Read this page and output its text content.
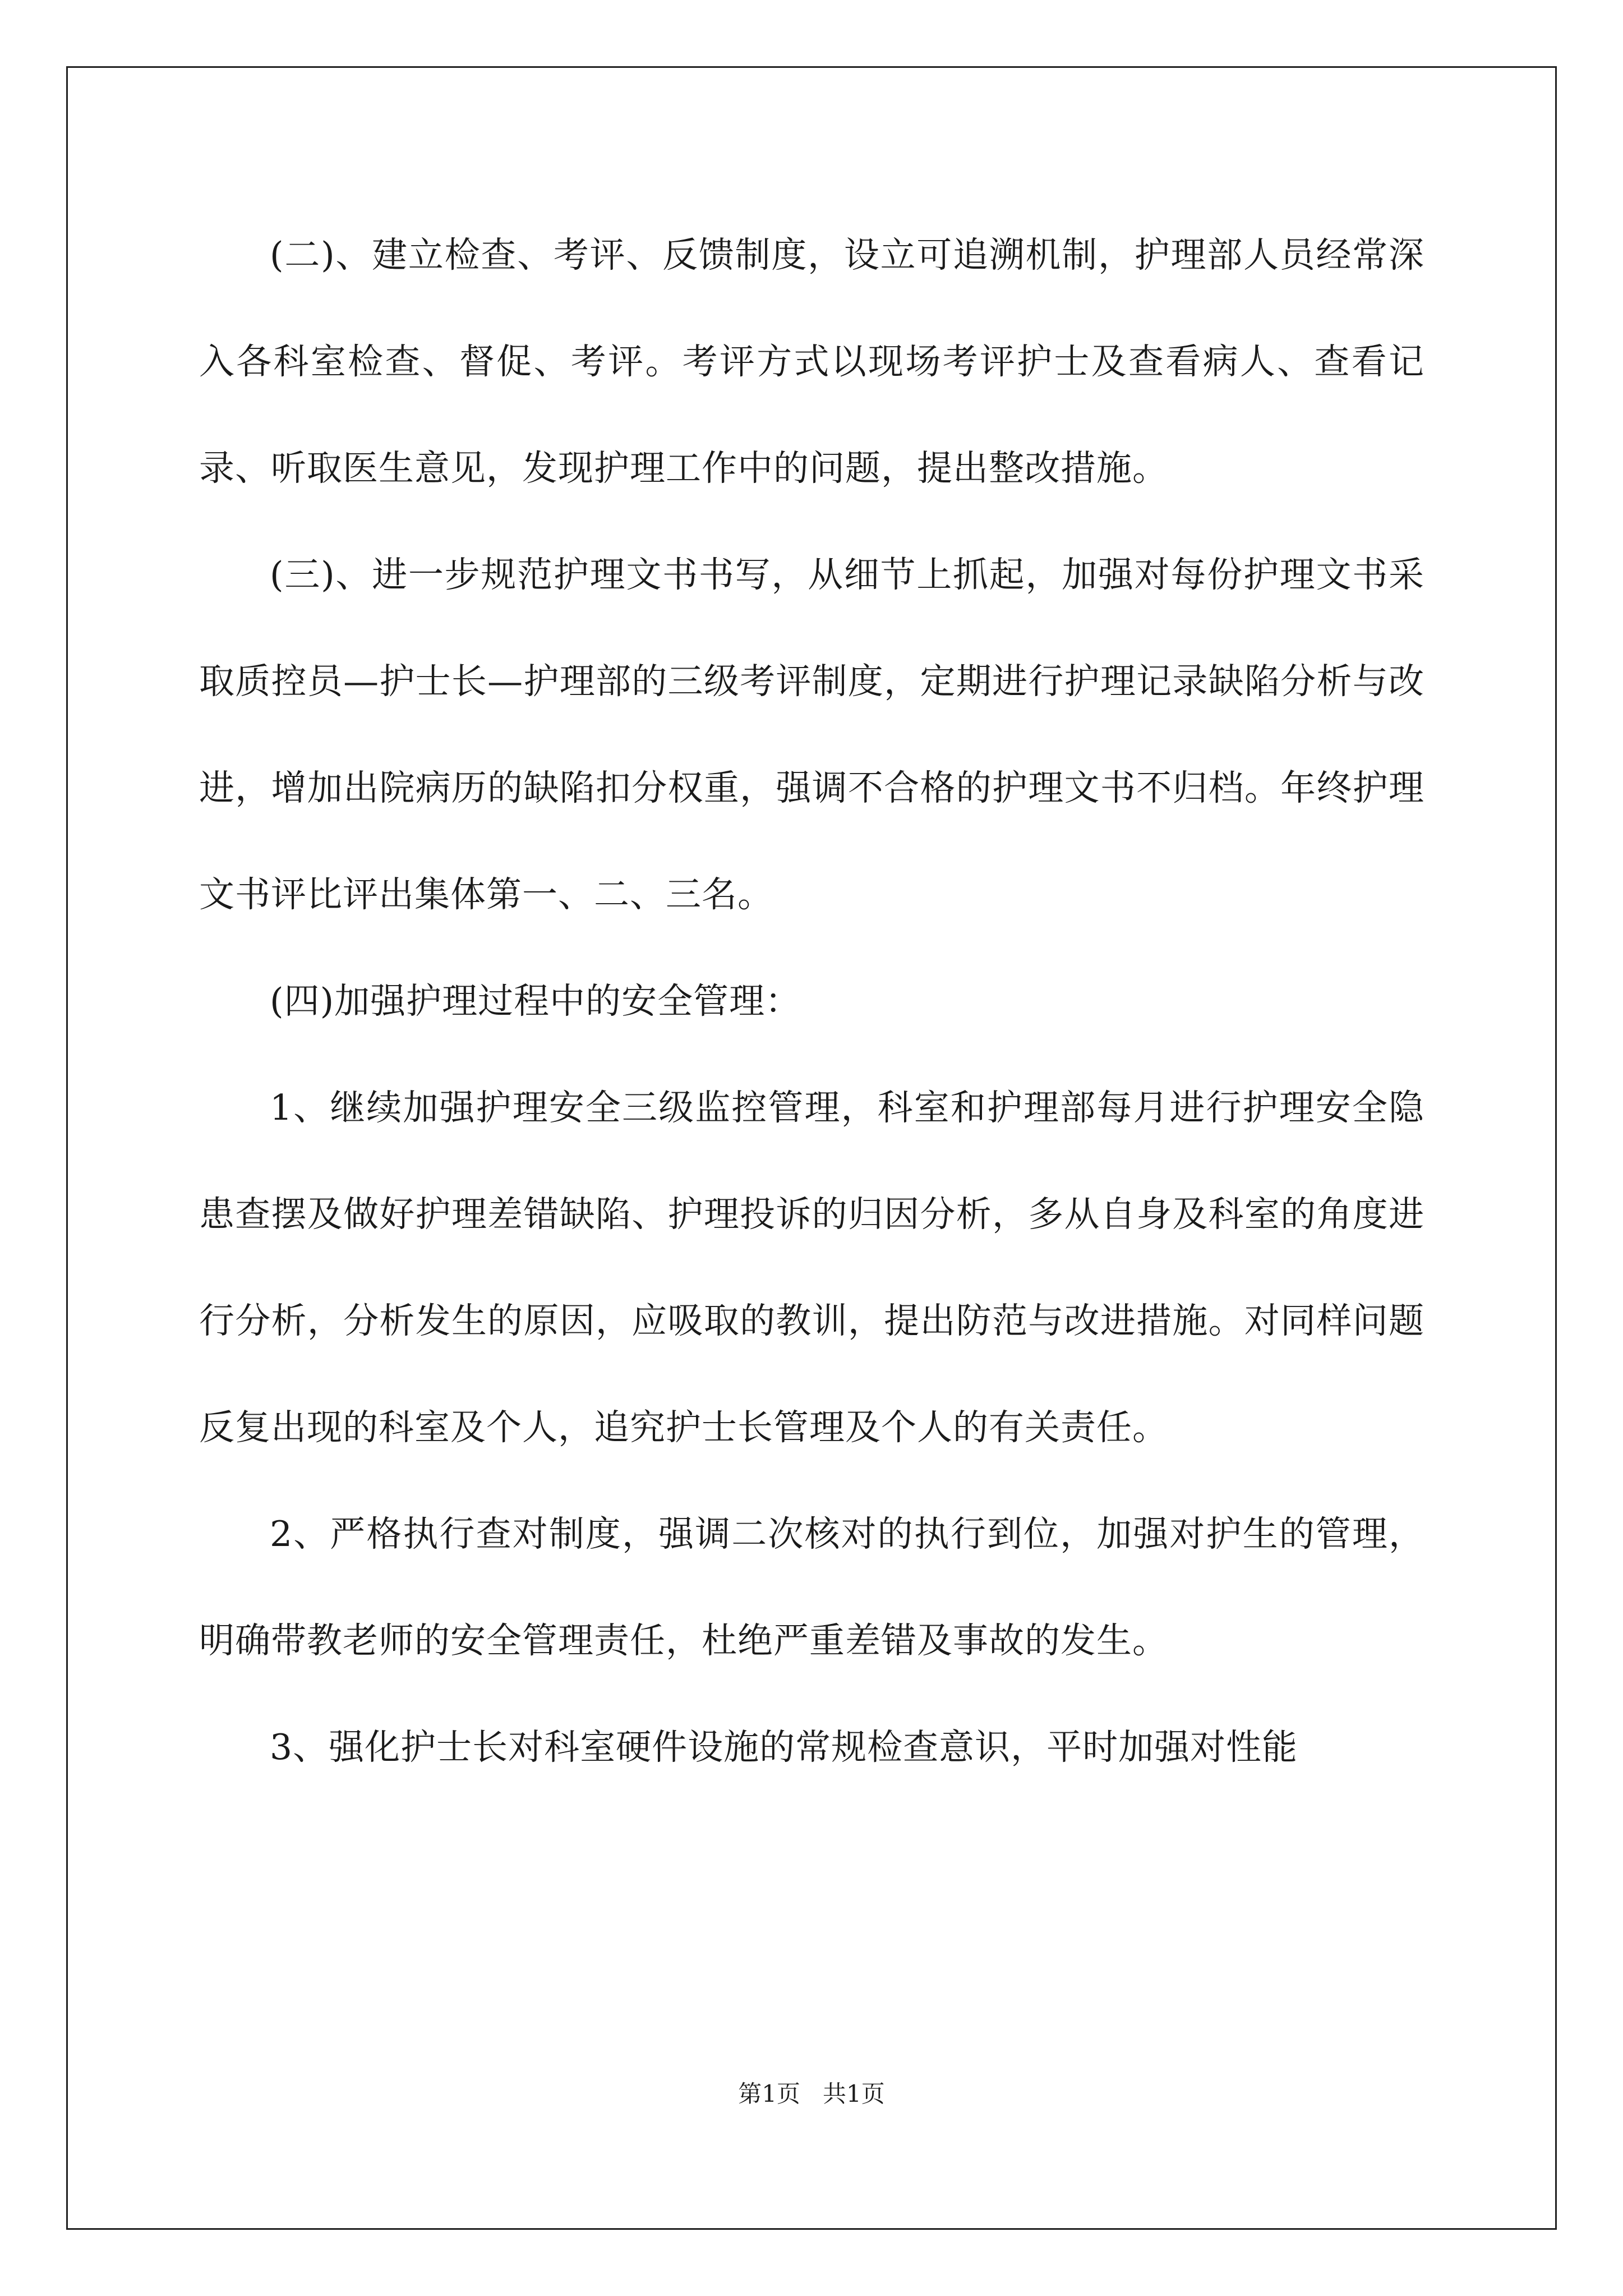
(二)、建立检查、考评、反馈制度，设立可追溯机制，护理部人员经常深入各科室检查、督促、考评。考评方式以现场考评护士及查看病人、查看记录、听取医生意见，发现护理工作中的问题，提出整改措施。

(三)、进一步规范护理文书书写，从细节上抓起，加强对每份护理文书采取质控员—护士长—护理部的三级考评制度，定期进行护理记录缺陷分析与改进，增加出院病历的缺陷扣分权重，强调不合格的护理文书不归档。年终护理文书评比评出集体第一、二、三名。

(四)加强护理过程中的安全管理：

1、继续加强护理安全三级监控管理，科室和护理部每月进行护理安全隐患查摆及做好护理差错缺陷、护理投诉的归因分析，多从自身及科室的角度进行分析，分析发生的原因，应吸取的教训，提出防范与改进措施。对同样问题反复出现的科室及个人，追究护士长管理及个人的有关责任。

2、严格执行查对制度，强调二次核对的执行到位，加强对护生的管理，明确带教老师的安全管理责任，杜绝严重差错及事故的发生。

3、强化护士长对科室硬件设施的常规检查意识，平时加强对性能

第1页   共1页
